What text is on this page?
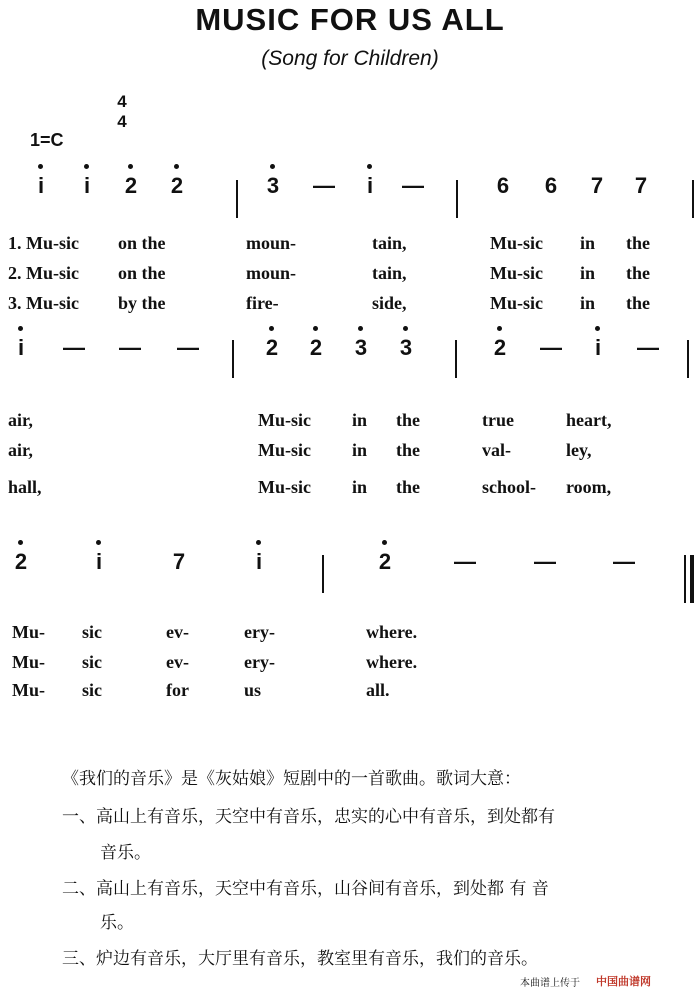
MUSIC FOR US ALL
(Song for Children)
1=C
4
4
i	i	2 2	3 —	i	—	6 6 7 7
i	— — —	2 2 3 3	2 —	i	—
2	i	7	i	2	—	—	—
1. Mu-sic on the	moun-	tain,	Mu-sic in the
2. Mu-sic on the	moun-	tain,	Mu-sic in the
3. Mu-sic by the	fire-	side,	Mu-sic in the
air,	Mu-sic in the	true	heart,
air,	Mu-sic in the	val-	ley,
hall,	Mu-sic in the	school- room,
Mu- sic	ev-	ery-	where.
Mu- sic	ev-	ery-	where.
Mu- sic	for	us	all.
《我们的音乐》是《灰姑娘》短剧中的一首歌曲。歌词大意：
一、高山上有音乐，天空中有音乐，忠实的心中有音乐，到处都有
音乐。
二、高山上有音乐，天空中有音乐，山谷间有音乐，到处都 有 音
乐。
三、炉边有音乐，大厅里有音乐，教室里有音乐，我们的音乐。
本曲谱上传于 中国曲谱网
